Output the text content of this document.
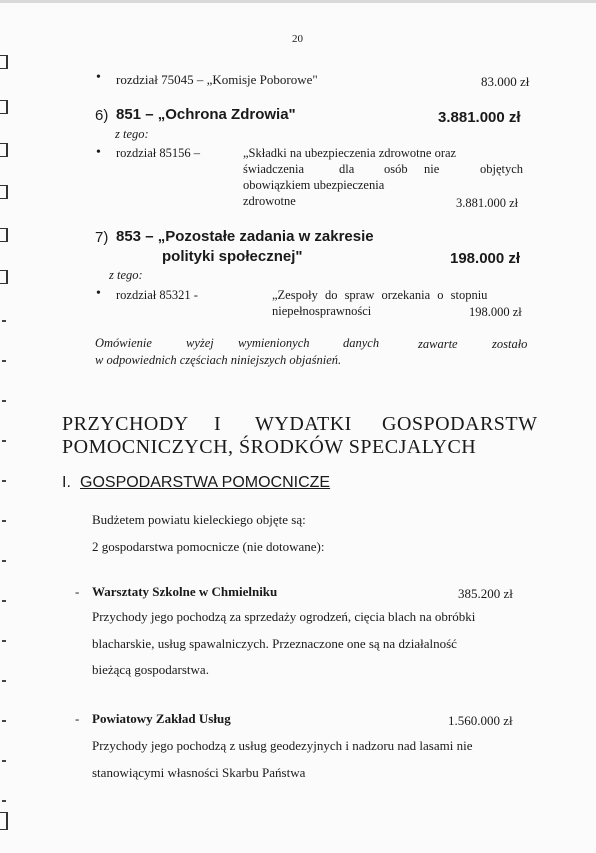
20
• rozdział 75045 – „Komisje Poborowe"	83.000 zł
6) 851 – „Ochrona Zdrowia"	3.881.000 zł
z tego:
• rozdział 85156 –	„Składki na ubezpieczenia zdrowotne oraz
świadczenia	dla osób nie	objętych
obowiązkiem ubezpieczenia
zdrowotne	3.881.000 zł
7) 853 – „Pozostałe zadania w zakresie
polityki społecznej"	198.000 zł
z tego:
• rozdział 85321 -	„Zespoły do spraw orzekania o stopniu
niepełnosprawności	198.000 zł
Omówienie	wyżej wymienionych	danych	zawarte	zostało
w odpowiednich częściach niniejszych objaśnień.
PRZYCHODY I WYDATKI GOSPODARSTW
POMOCNICZYCH, ŚRODKÓW SPECJALYCH
I. GOSPODARSTWA POMOCNICZE
Budżetem powiatu kieleckiego objęte są:
2 gospodarstwa pomocnicze (nie dotowane):
- Warsztaty Szkolne w Chmielniku	385.200 zł
Przychody jego pochodzą za sprzedaży ogrodzeń, cięcia blach na obróbki
blacharskie, usług spawalniczych. Przeznaczone one są na działalność
bieżącą gospodarstwa.
- Powiatowy Zakład Usług	1.560.000 zł
Przychody jego pochodzą z usług geodezyjnych i nadzoru nad lasami nie
stanowiącymi własności Skarbu Państwa
